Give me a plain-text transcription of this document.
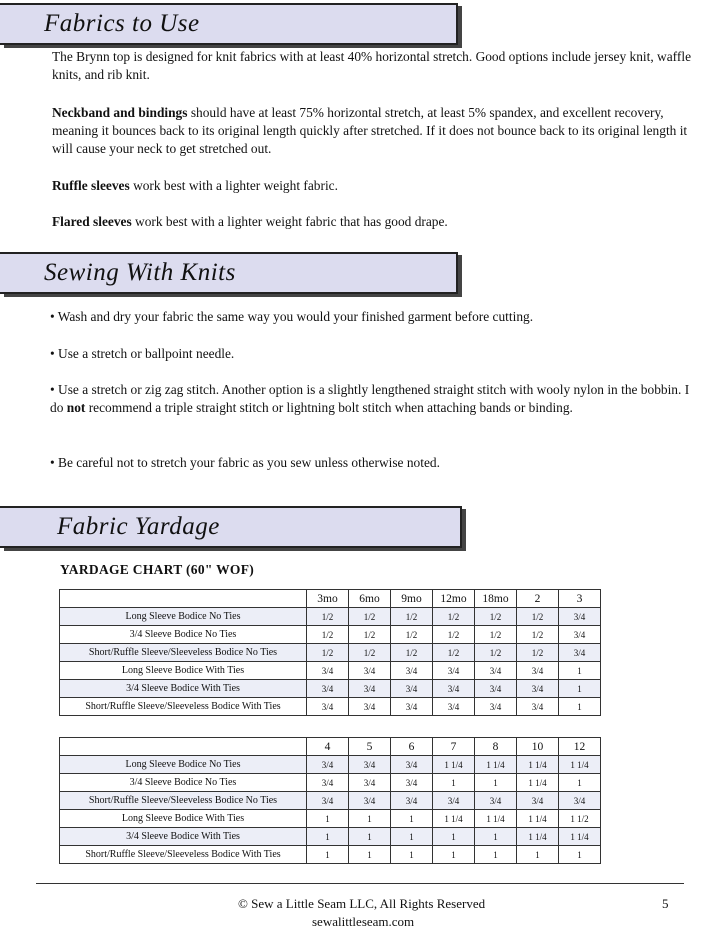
Fabrics to Use

The Brynn top is designed for knit fabrics with at least 40% horizontal stretch. Good options include jersey knit, waffle knits, and rib knit.

Neckband and bindings should have at least 75% horizontal stretch, at least 5% spandex, and excellent recovery, meaning it bounces back to its original length quickly after stretched. If it does not bounce back to its original length it will cause your neck to get stretched out.

Ruffle sleeves work best with a lighter weight fabric.

Flared sleeves work best with a lighter weight fabric that has good drape.

Sewing With Knits

• Wash and dry your fabric the same way you would your finished garment before cutting.

• Use a stretch or ballpoint needle.

• Use a stretch or zig zag stitch. Another option is a slightly lengthened straight stitch with wooly nylon in the bobbin. I do not recommend a triple straight stitch or lightning bolt stitch when attaching bands or binding.

• Be careful not to stretch your fabric as you sew unless otherwise noted.

Fabric Yardage
YARDAGE CHART (60" WOF)
	3mo	6mo	9mo	12mo	18mo	2	3
Long Sleeve Bodice No Ties	1/2	1/2	1/2	1/2	1/2	1/2	3/4
3/4 Sleeve Bodice No Ties	1/2	1/2	1/2	1/2	1/2	1/2	3/4
Short/Ruffle Sleeve/Sleeveless Bodice No Ties	1/2	1/2	1/2	1/2	1/2	1/2	3/4
Long Sleeve Bodice With Ties	3/4	3/4	3/4	3/4	3/4	3/4	1
3/4 Sleeve Bodice With Ties	3/4	3/4	3/4	3/4	3/4	3/4	1
Short/Ruffle Sleeve/Sleeveless Bodice With Ties	3/4	3/4	3/4	3/4	3/4	3/4	1
	4	5	6	7	8	10	12
Long Sleeve Bodice No Ties	3/4	3/4	3/4	1 1/4	1 1/4	1 1/4	1 1/4
3/4 Sleeve Bodice No Ties	3/4	3/4	3/4	1	1	1 1/4	1
Short/Ruffle Sleeve/Sleeveless Bodice No Ties	3/4	3/4	3/4	3/4	3/4	3/4	3/4
Long Sleeve Bodice With Ties	1	1	1	1 1/4	1 1/4	1 1/4	1 1/2
3/4 Sleeve Bodice With Ties	1	1	1	1	1	1 1/4	1 1/4
Short/Ruffle Sleeve/Sleeveless Bodice With Ties	1	1	1	1	1	1	1
© Sew a Little Seam LLC, All Rights Reserved
sewalittleseam.com
5
